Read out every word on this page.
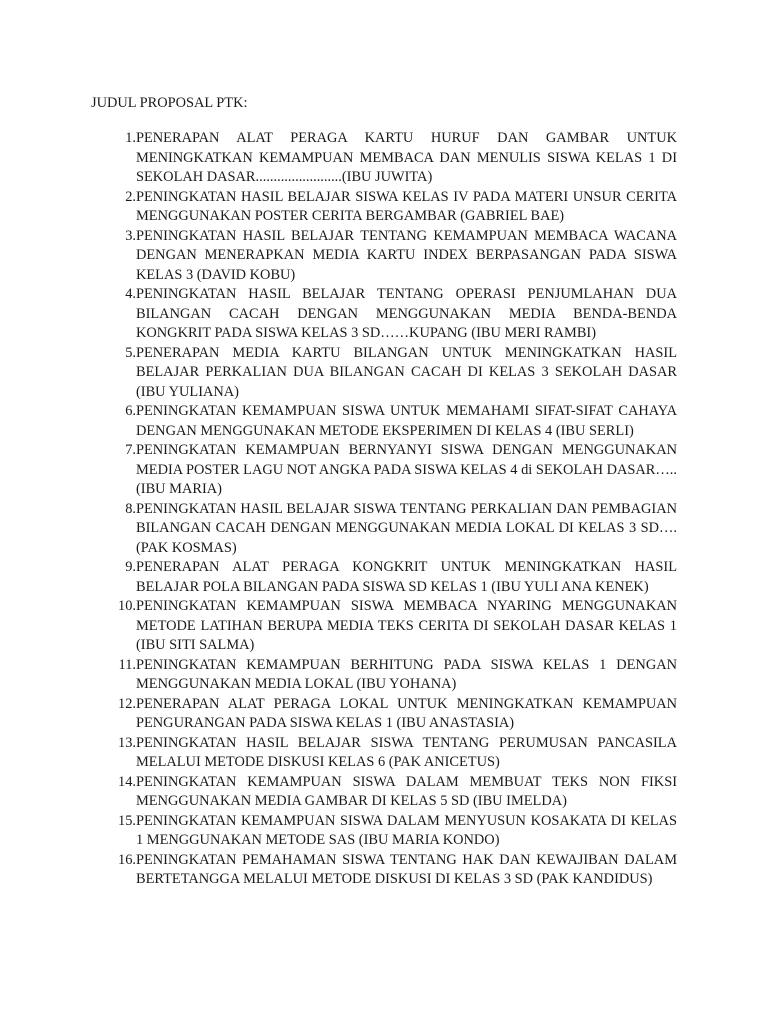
JUDUL PROPOSAL PTK:
1. PENERAPAN ALAT PERAGA KARTU HURUF DAN GAMBAR UNTUK MENINGKATKAN KEMAMPUAN MEMBACA DAN MENULIS SISWA KELAS 1 DI SEKOLAH DASAR........................(IBU JUWITA)
2. PENINGKATAN HASIL BELAJAR SISWA KELAS IV PADA MATERI UNSUR CERITA MENGGUNAKAN POSTER CERITA BERGAMBAR (GABRIEL BAE)
3. PENINGKATAN HASIL BELAJAR TENTANG KEMAMPUAN MEMBACA WACANA DENGAN MENERAPKAN MEDIA KARTU INDEX BERPASANGAN PADA SISWA KELAS 3 (DAVID KOBU)
4. PENINGKATAN HASIL BELAJAR TENTANG OPERASI PENJUMLAHAN DUA BILANGAN CACAH DENGAN MENGGUNAKAN MEDIA BENDA-BENDA KONGKRIT PADA SISWA KELAS 3 SD……KUPANG (IBU MERI RAMBI)
5. PENERAPAN MEDIA KARTU BILANGAN UNTUK MENINGKATKAN HASIL BELAJAR PERKALIAN DUA BILANGAN CACAH DI KELAS 3 SEKOLAH DASAR (IBU YULIANA)
6. PENINGKATAN KEMAMPUAN SISWA UNTUK MEMAHAMI SIFAT-SIFAT CAHAYA DENGAN MENGGUNAKAN METODE EKSPERIMEN DI KELAS 4 (IBU SERLI)
7. PENINGKATAN KEMAMPUAN BERNYANYI SISWA DENGAN MENGGUNAKAN MEDIA POSTER LAGU NOT ANGKA PADA SISWA KELAS 4 di SEKOLAH DASAR…..(IBU MARIA)
8. PENINGKATAN HASIL BELAJAR SISWA TENTANG PERKALIAN DAN PEMBAGIAN BILANGAN CACAH DENGAN MENGGUNAKAN MEDIA LOKAL DI KELAS 3 SD….(PAK KOSMAS)
9. PENERAPAN ALAT PERAGA KONGKRIT UNTUK MENINGKATKAN HASIL BELAJAR POLA BILANGAN PADA SISWA SD KELAS 1 (IBU YULI ANA KENEK)
10. PENINGKATAN KEMAMPUAN SISWA MEMBACA NYARING MENGGUNAKAN METODE LATIHAN BERUPA MEDIA TEKS CERITA DI SEKOLAH DASAR KELAS 1 (IBU SITI SALMA)
11. PENINGKATAN KEMAMPUAN BERHITUNG PADA SISWA KELAS 1 DENGAN MENGGUNAKAN MEDIA LOKAL (IBU YOHANA)
12. PENERAPAN ALAT PERAGA LOKAL UNTUK MENINGKATKAN KEMAMPUAN PENGURANGAN PADA SISWA KELAS 1 (IBU ANASTASIA)
13. PENINGKATAN HASIL BELAJAR SISWA TENTANG PERUMUSAN PANCASILA MELALUI METODE DISKUSI KELAS 6 (PAK ANICETUS)
14. PENINGKATAN KEMAMPUAN SISWA DALAM MEMBUAT TEKS NON FIKSI MENGGUNAKAN MEDIA GAMBAR DI KELAS 5 SD (IBU IMELDA)
15. PENINGKATAN KEMAMPUAN SISWA DALAM MENYUSUN KOSAKATA DI KELAS 1 MENGGUNAKAN METODE SAS (IBU MARIA KONDO)
16. PENINGKATAN PEMAHAMAN SISWA TENTANG HAK DAN KEWAJIBAN DALAM BERTETANGGA MELALUI METODE DISKUSI DI KELAS 3 SD (PAK KANDIDUS)
